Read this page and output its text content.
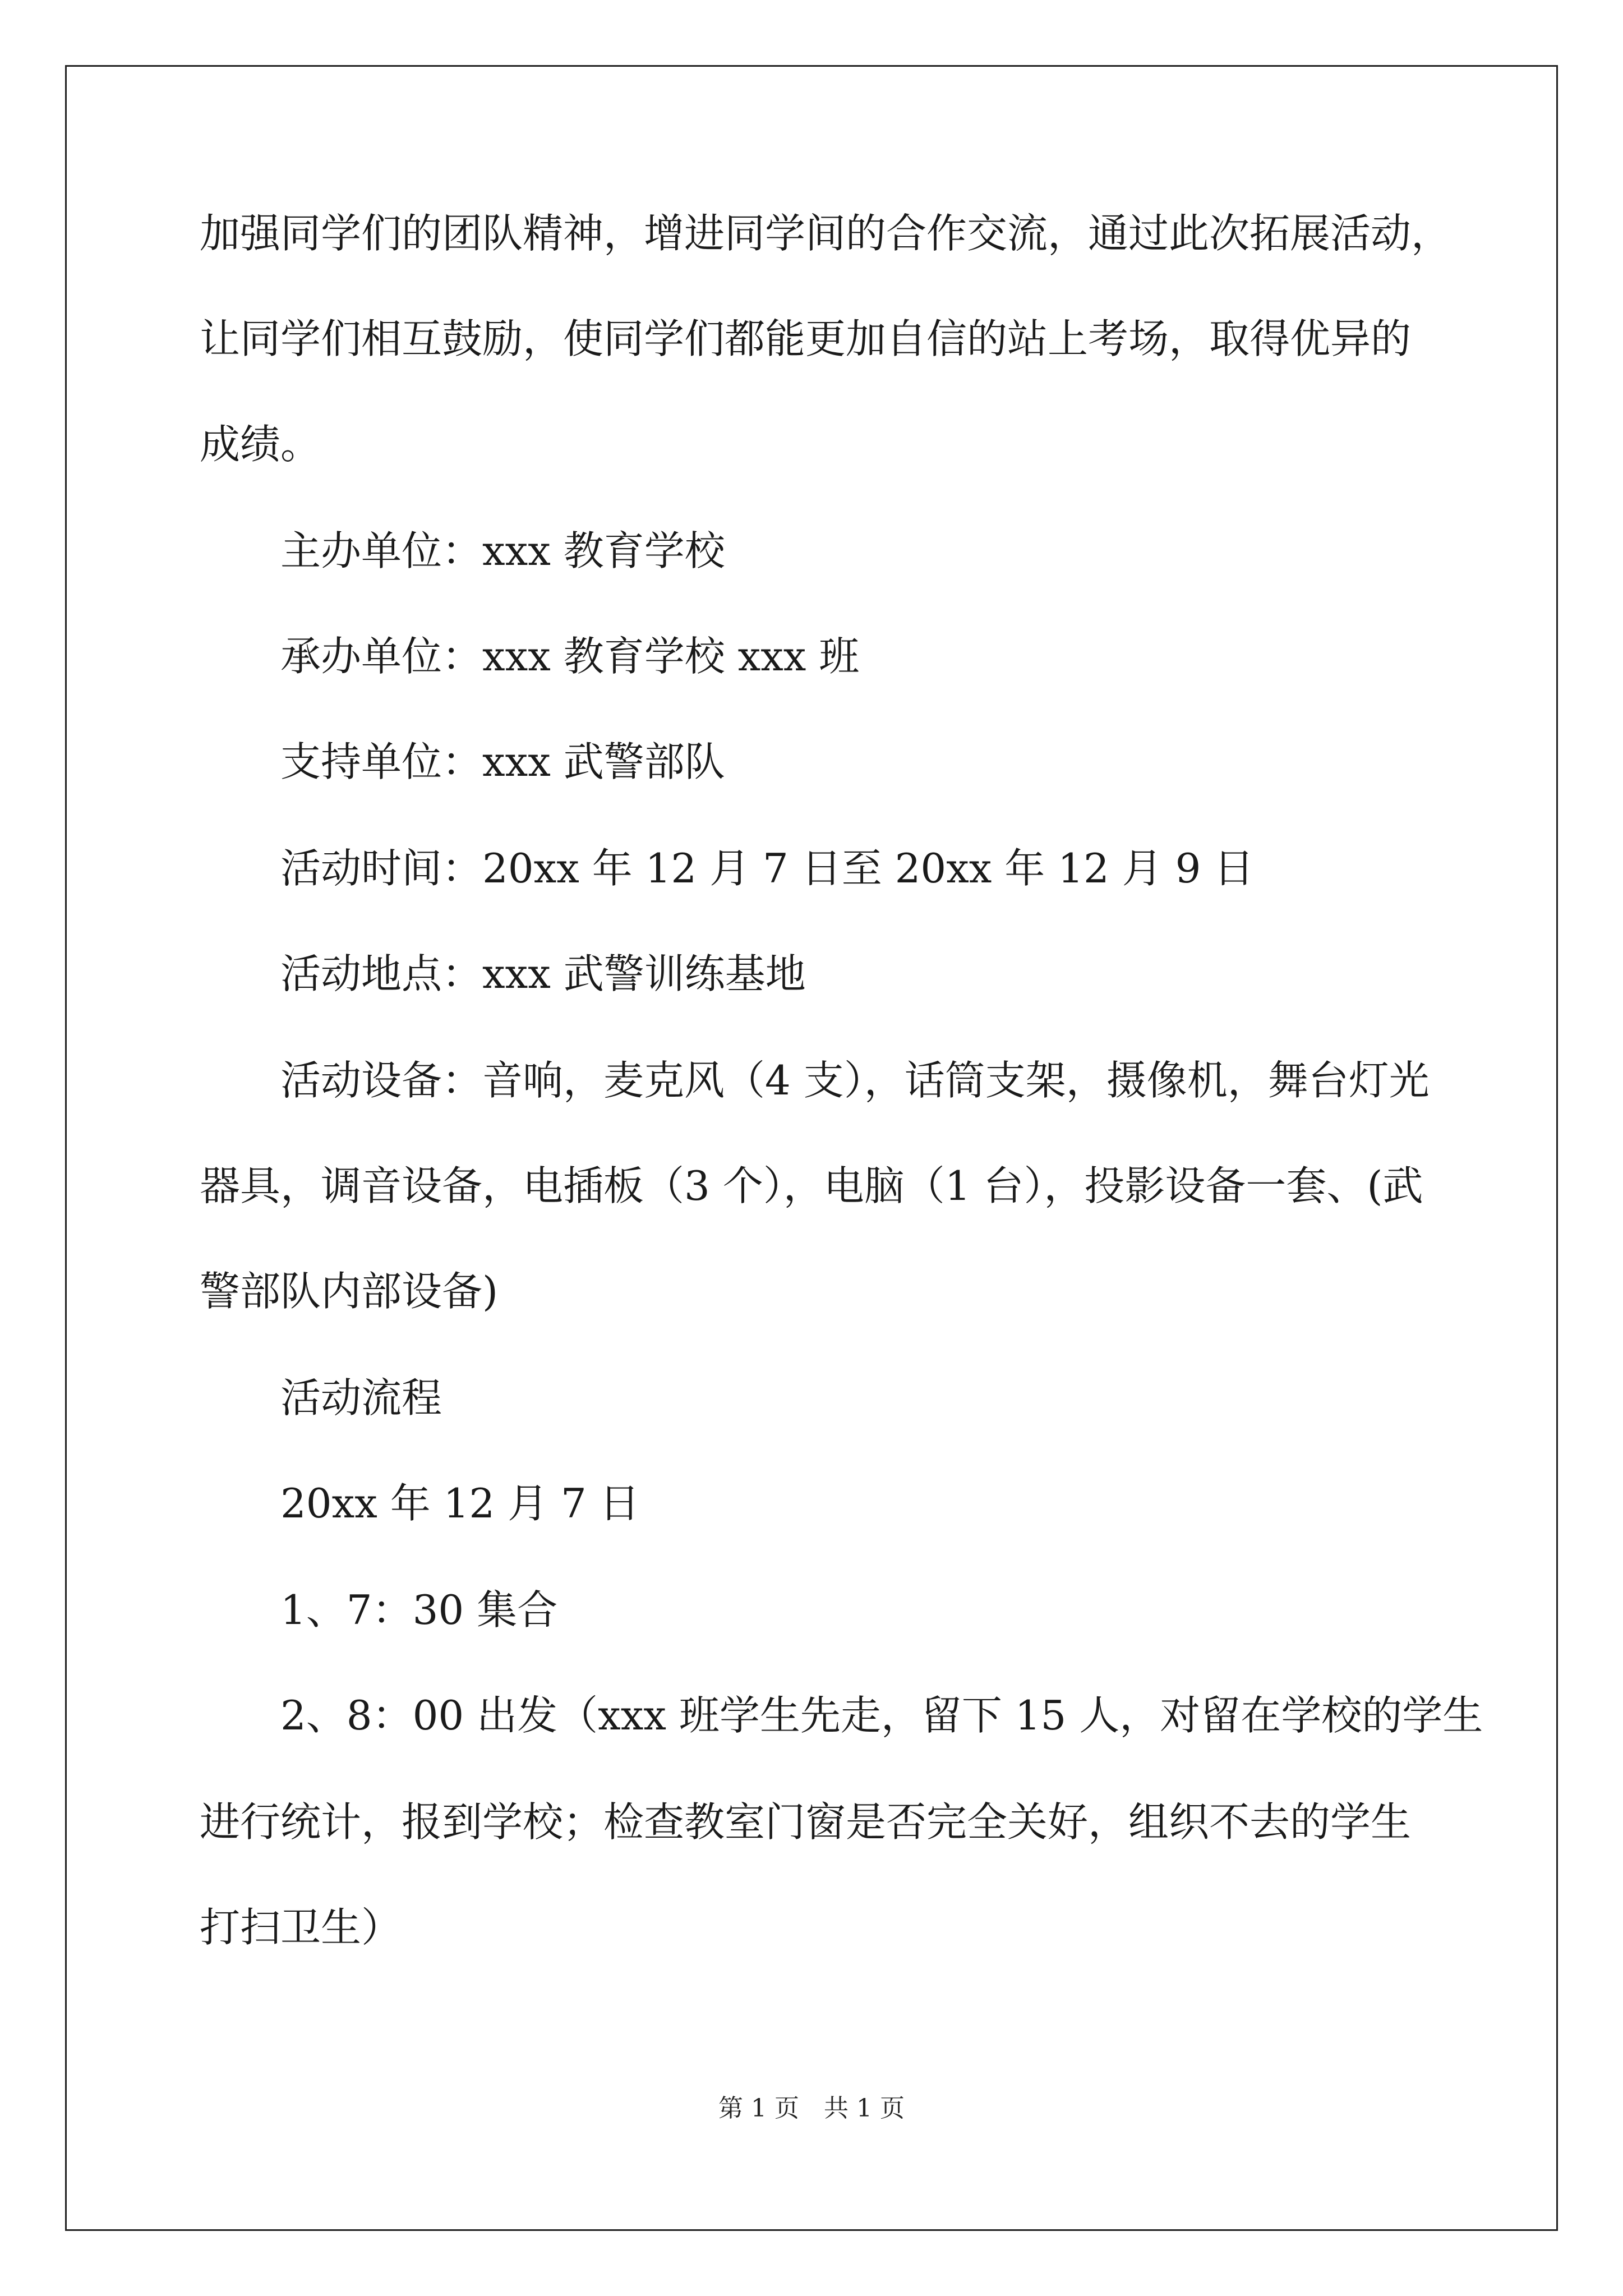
加强同学们的团队精神，增进同学间的合作交流，通过此次拓展活动，

让同学们相互鼓励，使同学们都能更加自信的站上考场，取得优异的

成绩。

主办单位：xxx 教育学校

承办单位：xxx 教育学校 xxx 班

支持单位：xxx 武警部队

活动时间：20xx 年 12 月 7 日至 20xx 年 12 月 9 日

活动地点：xxx 武警训练基地

活动设备：音响，麦克风（4 支），话筒支架，摄像机，舞台灯光

器具，调音设备，电插板（3 个），电脑（1 台），投影设备一套、(武

警部队内部设备)

活动流程

20xx 年 12 月 7 日

1、7：30 集合

2、8：00 出发（xxx 班学生先走，留下 15 人，对留在学校的学生

进行统计，报到学校；检查教室门窗是否完全关好，组织不去的学生

打扫卫生）

第 1 页　共 1 页
